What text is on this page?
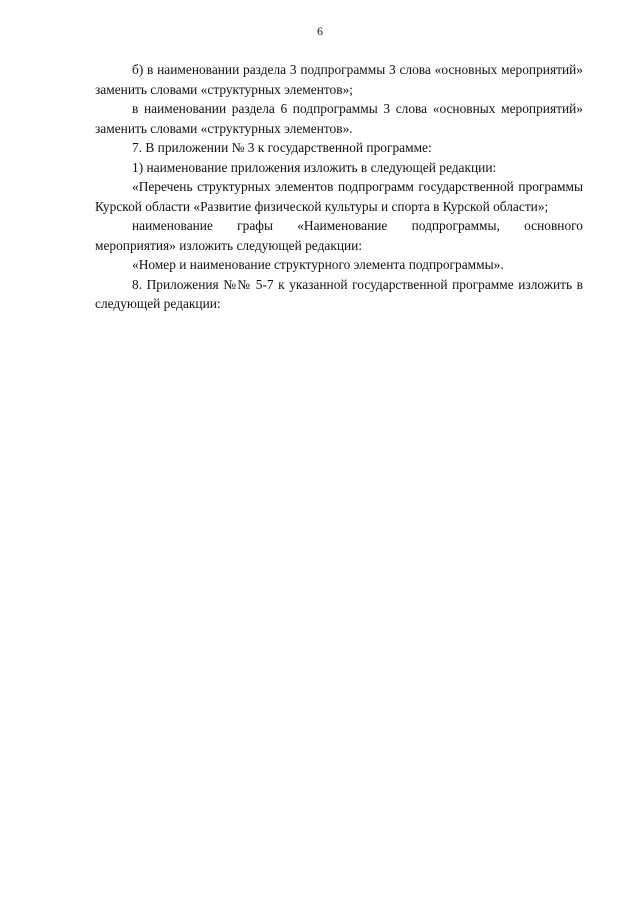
6

б) в наименовании раздела 3 подпрограммы 3 слова «основных мероприятий» заменить словами «структурных элементов»;

в наименовании раздела 6 подпрограммы 3 слова «основных мероприятий» заменить словами «структурных элементов».

7. В приложении № 3 к государственной программе:

1) наименование приложения изложить в следующей редакции:

«Перечень структурных элементов подпрограмм государственной программы Курской области «Развитие физической культуры и спорта в Курской области»;

наименование графы «Наименование подпрограммы, основного мероприятия» изложить следующей редакции:

«Номер и наименование структурного элемента подпрограммы».

8. Приложения №№ 5-7 к указанной государственной программе изложить в следующей редакции:
